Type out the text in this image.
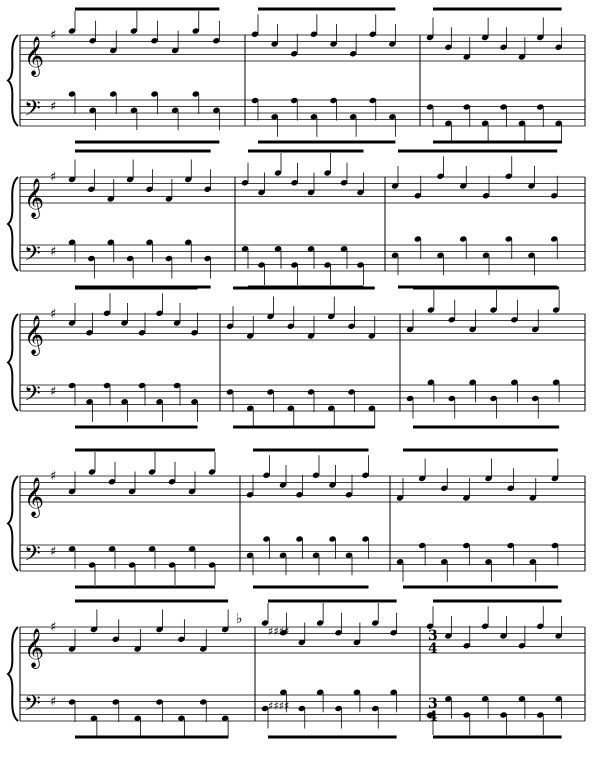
𝄞
𝄢
♯
♯
𝄞
𝄢
♯
♯
𝄞
𝄢
♯
♯
𝄞
𝄢
♯
♯
𝄞
𝄢
♯
♯
♯♯♯♯
♯♯♯♯
3
4
3
4
♭
